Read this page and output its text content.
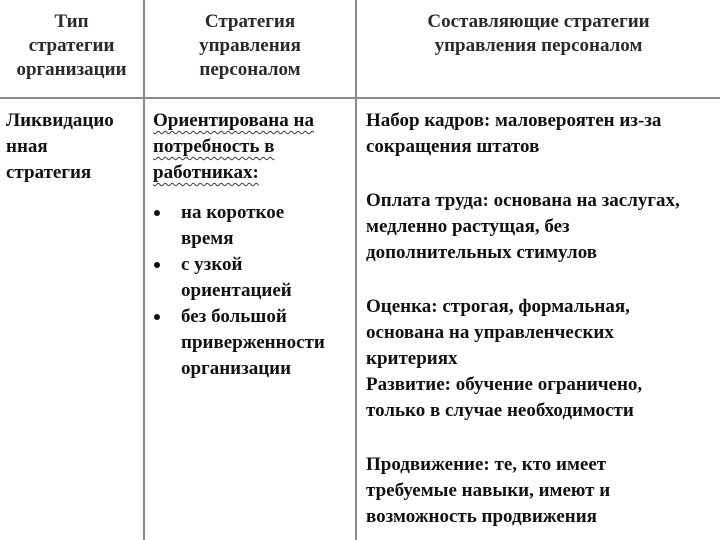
Тип
стратегии
организации
Стратегия
управления
персоналом
Составляющие стратегии
управления персоналом
Ликвидацио
нная
стратегия
Ориентирована на
потребность в
работниках:
на короткое
время
с узкой
ориентацией
без большой
приверженности
организации
Набор кадров: маловероятен из-за
сокращения штатов
Оплата труда: основана на заслугах,
медленно растущая, без
дополнительных стимулов
Оценка: строгая, формальная,
основана на управленческих
критериях
Развитие: обучение ограничено,
только в случае необходимости
Продвижение: те, кто имеет
требуемые навыки, имеют и
возможность продвижения
